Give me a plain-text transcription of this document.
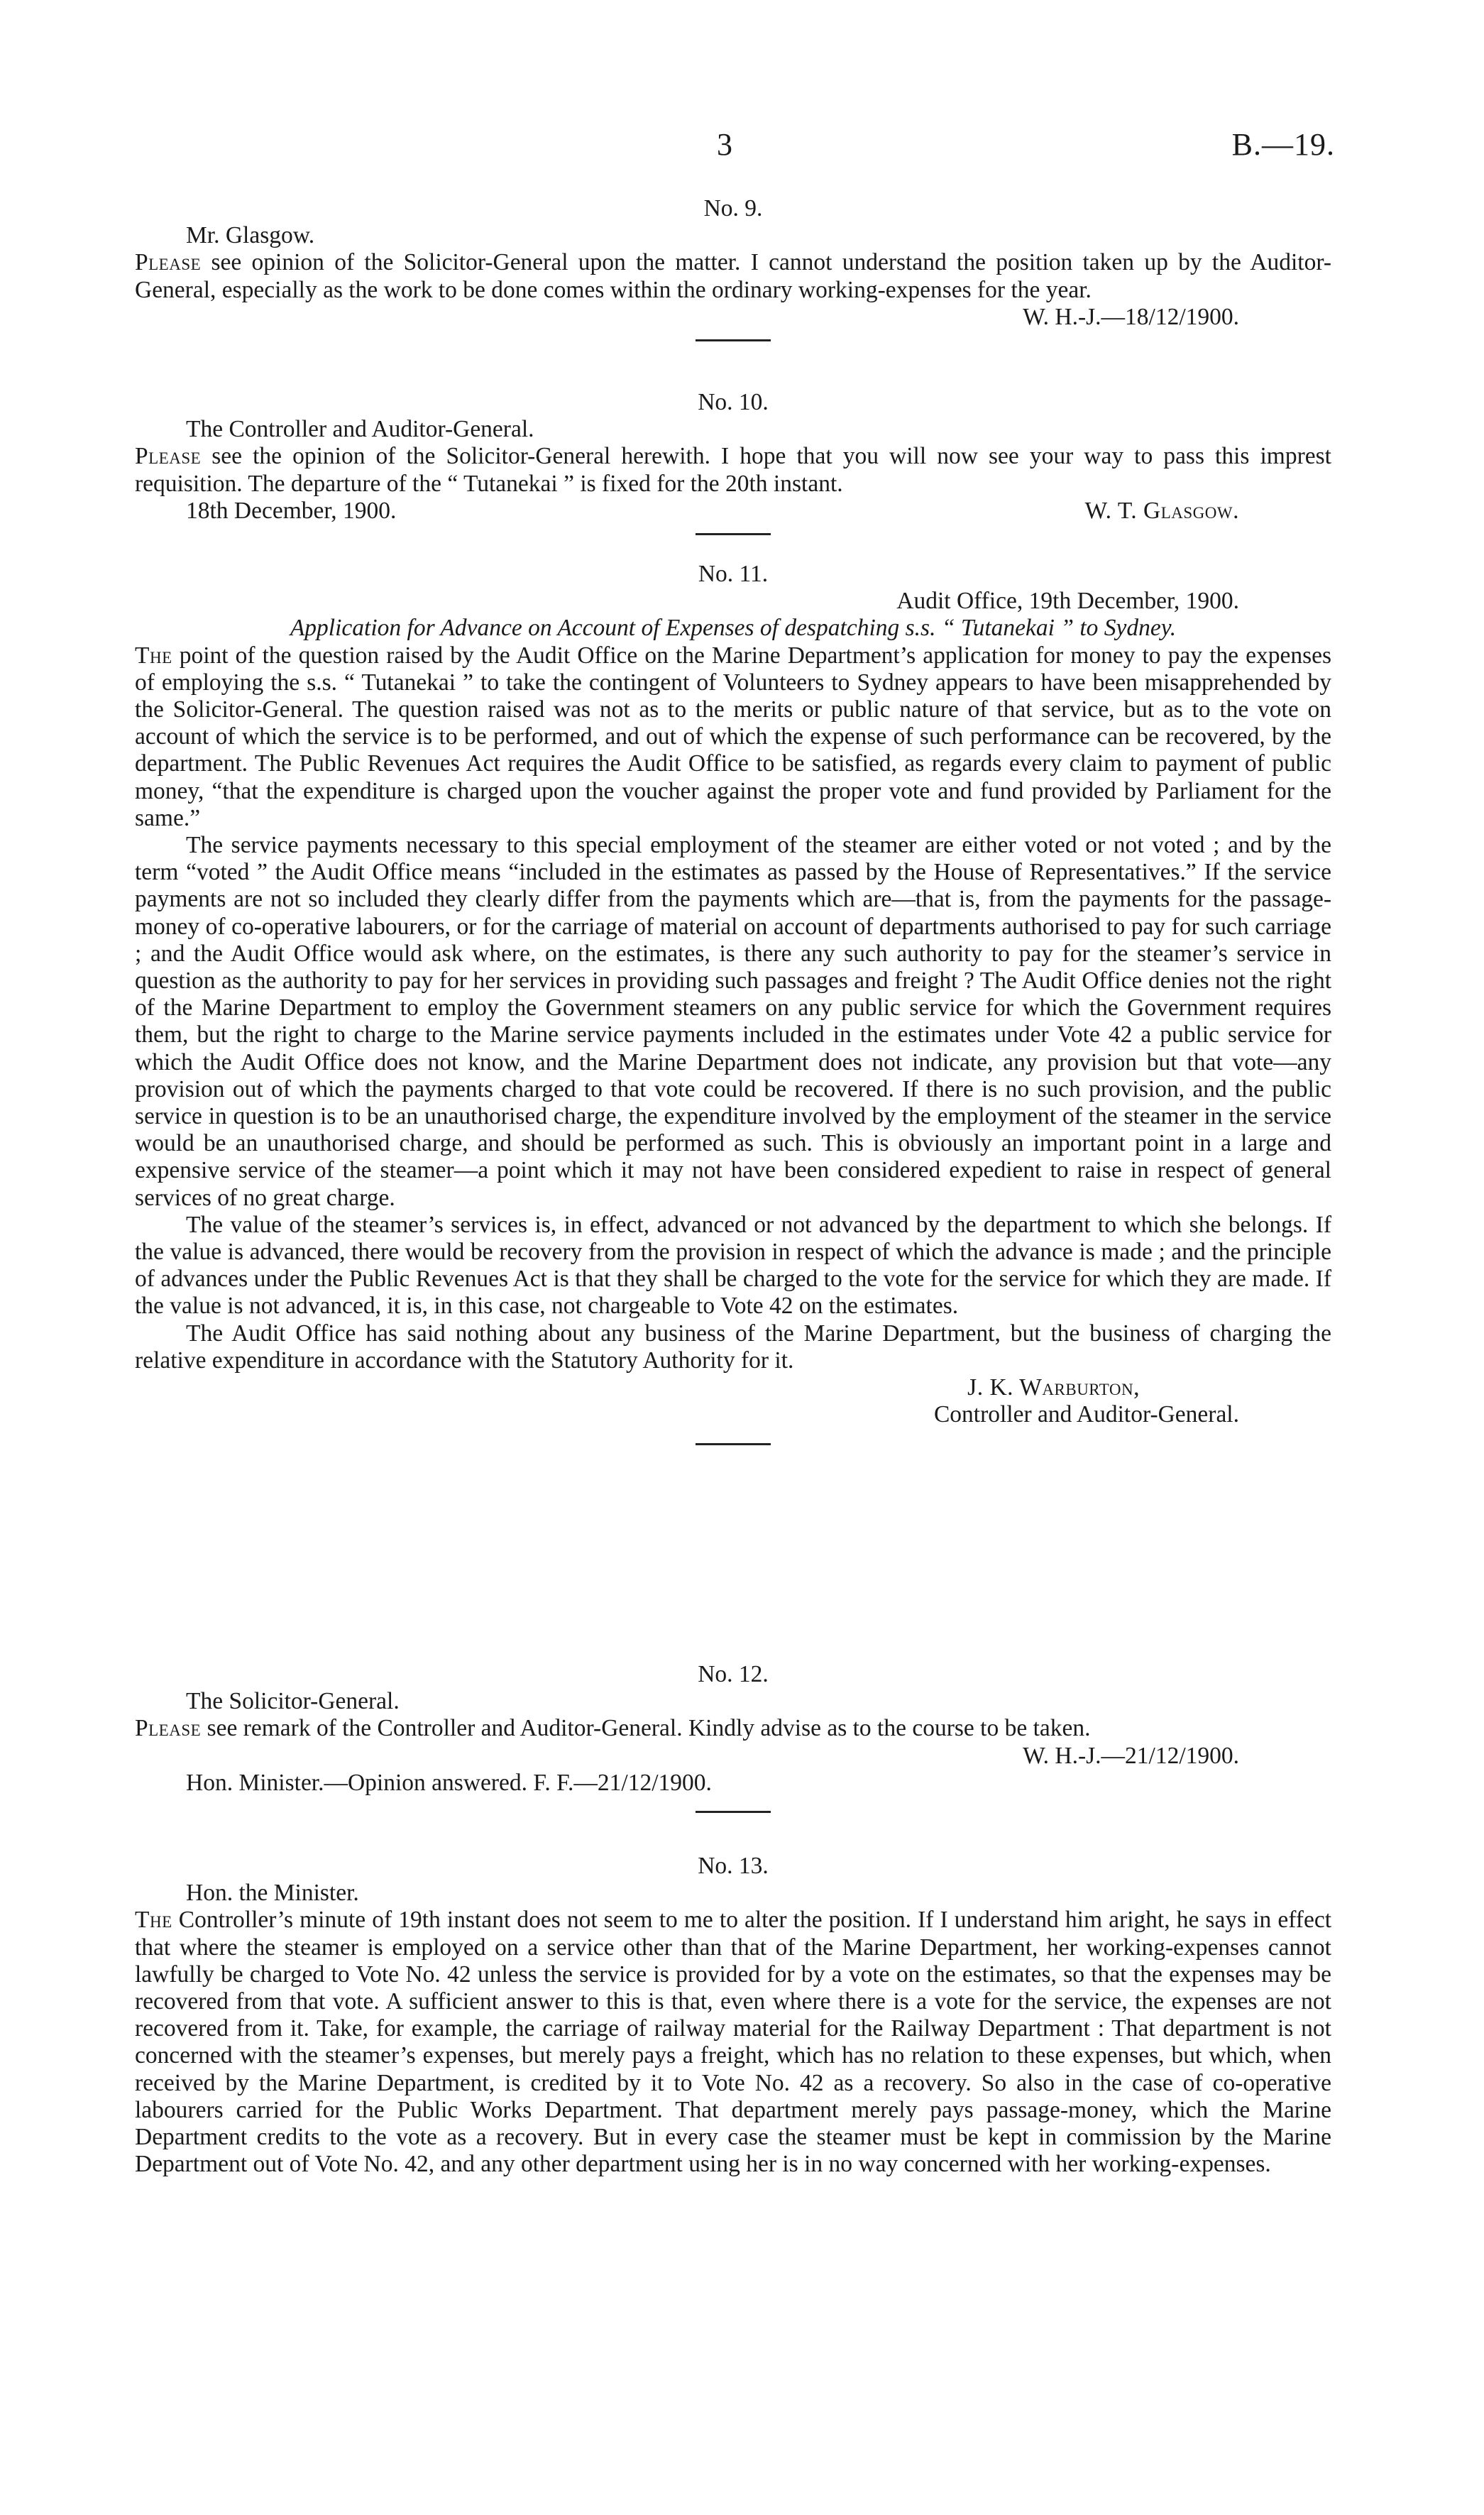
3	B.—19.

No. 9.

Mr. Glasgow.

Please see opinion of the Solicitor-General upon the matter. I cannot understand the position taken up by the Auditor-General, especially as the work to be done comes within the ordinary working-expenses for the year.

W. H.-J.—18/12/1900.

No. 10.

The Controller and Auditor-General.

Please see the opinion of the Solicitor-General herewith. I hope that you will now see your way to pass this imprest requisition. The departure of the “ Tutanekai ” is fixed for the 20th instant.

18th December, 1900.	W. T. Glasgow.

No. 11.

Audit Office, 19th December, 1900.

Application for Advance on Account of Expenses of despatching s.s. “ Tutanekai ” to Sydney.

The point of the question raised by the Audit Office on the Marine Department’s application for money to pay the expenses of employing the s.s. “ Tutanekai ” to take the contingent of Volunteers to Sydney appears to have been misapprehended by the Solicitor-General. The question raised was not as to the merits or public nature of that service, but as to the vote on account of which the service is to be performed, and out of which the expense of such performance can be recovered, by the department. The Public Revenues Act requires the Audit Office to be satisfied, as regards every claim to payment of public money, “that the expenditure is charged upon the voucher against the proper vote and fund provided by Parliament for the same.”

The service payments necessary to this special employment of the steamer are either voted or not voted ; and by the term “voted ” the Audit Office means “included in the estimates as passed by the House of Representatives.” If the service payments are not so included they clearly differ from the payments which are—that is, from the payments for the passage-money of co-operative labourers, or for the carriage of material on account of departments authorised to pay for such carriage ; and the Audit Office would ask where, on the estimates, is there any such authority to pay for the steamer’s service in question as the authority to pay for her services in providing such passages and freight ? The Audit Office denies not the right of the Marine Department to employ the Government steamers on any public service for which the Government requires them, but the right to charge to the Marine service payments included in the estimates under Vote 42 a public service for which the Audit Office does not know, and the Marine Department does not indicate, any provision but that vote—any provision out of which the payments charged to that vote could be recovered. If there is no such provision, and the public service in question is to be an unauthorised charge, the expenditure involved by the employment of the steamer in the service would be an unauthorised charge, and should be performed as such. This is obviously an important point in a large and expensive service of the steamer—a point which it may not have been considered expedient to raise in respect of general services of no great charge.

The value of the steamer’s services is, in effect, advanced or not advanced by the department to which she belongs. If the value is advanced, there would be recovery from the provision in respect of which the advance is made ; and the principle of advances under the Public Revenues Act is that they shall be charged to the vote for the service for which they are made. If the value is not advanced, it is, in this case, not chargeable to Vote 42 on the estimates.

The Audit Office has said nothing about any business of the Marine Department, but the business of charging the relative expenditure in accordance with the Statutory Authority for it.

J. K. Warburton,

Controller and Auditor-General.

No. 12.

The Solicitor-General.

Please see remark of the Controller and Auditor-General. Kindly advise as to the course to be taken.

W. H.-J.—21/12/1900.

Hon. Minister.—Opinion answered. F. F.—21/12/1900.

No. 13.

Hon. the Minister.

The Controller’s minute of 19th instant does not seem to me to alter the position. If I understand him aright, he says in effect that where the steamer is employed on a service other than that of the Marine Department, her working-expenses cannot lawfully be charged to Vote No. 42 unless the service is provided for by a vote on the estimates, so that the expenses may be recovered from that vote. A sufficient answer to this is that, even where there is a vote for the service, the expenses are not recovered from it. Take, for example, the carriage of railway material for the Railway Department : That department is not concerned with the steamer’s expenses, but merely pays a freight, which has no relation to these expenses, but which, when received by the Marine Department, is credited by it to Vote No. 42 as a recovery. So also in the case of co-operative labourers carried for the Public Works Department. That department merely pays passage-money, which the Marine Department credits to the vote as a recovery. But in every case the steamer must be kept in commission by the Marine Department out of Vote No. 42, and any other department using her is in no way concerned with her working-expenses.
